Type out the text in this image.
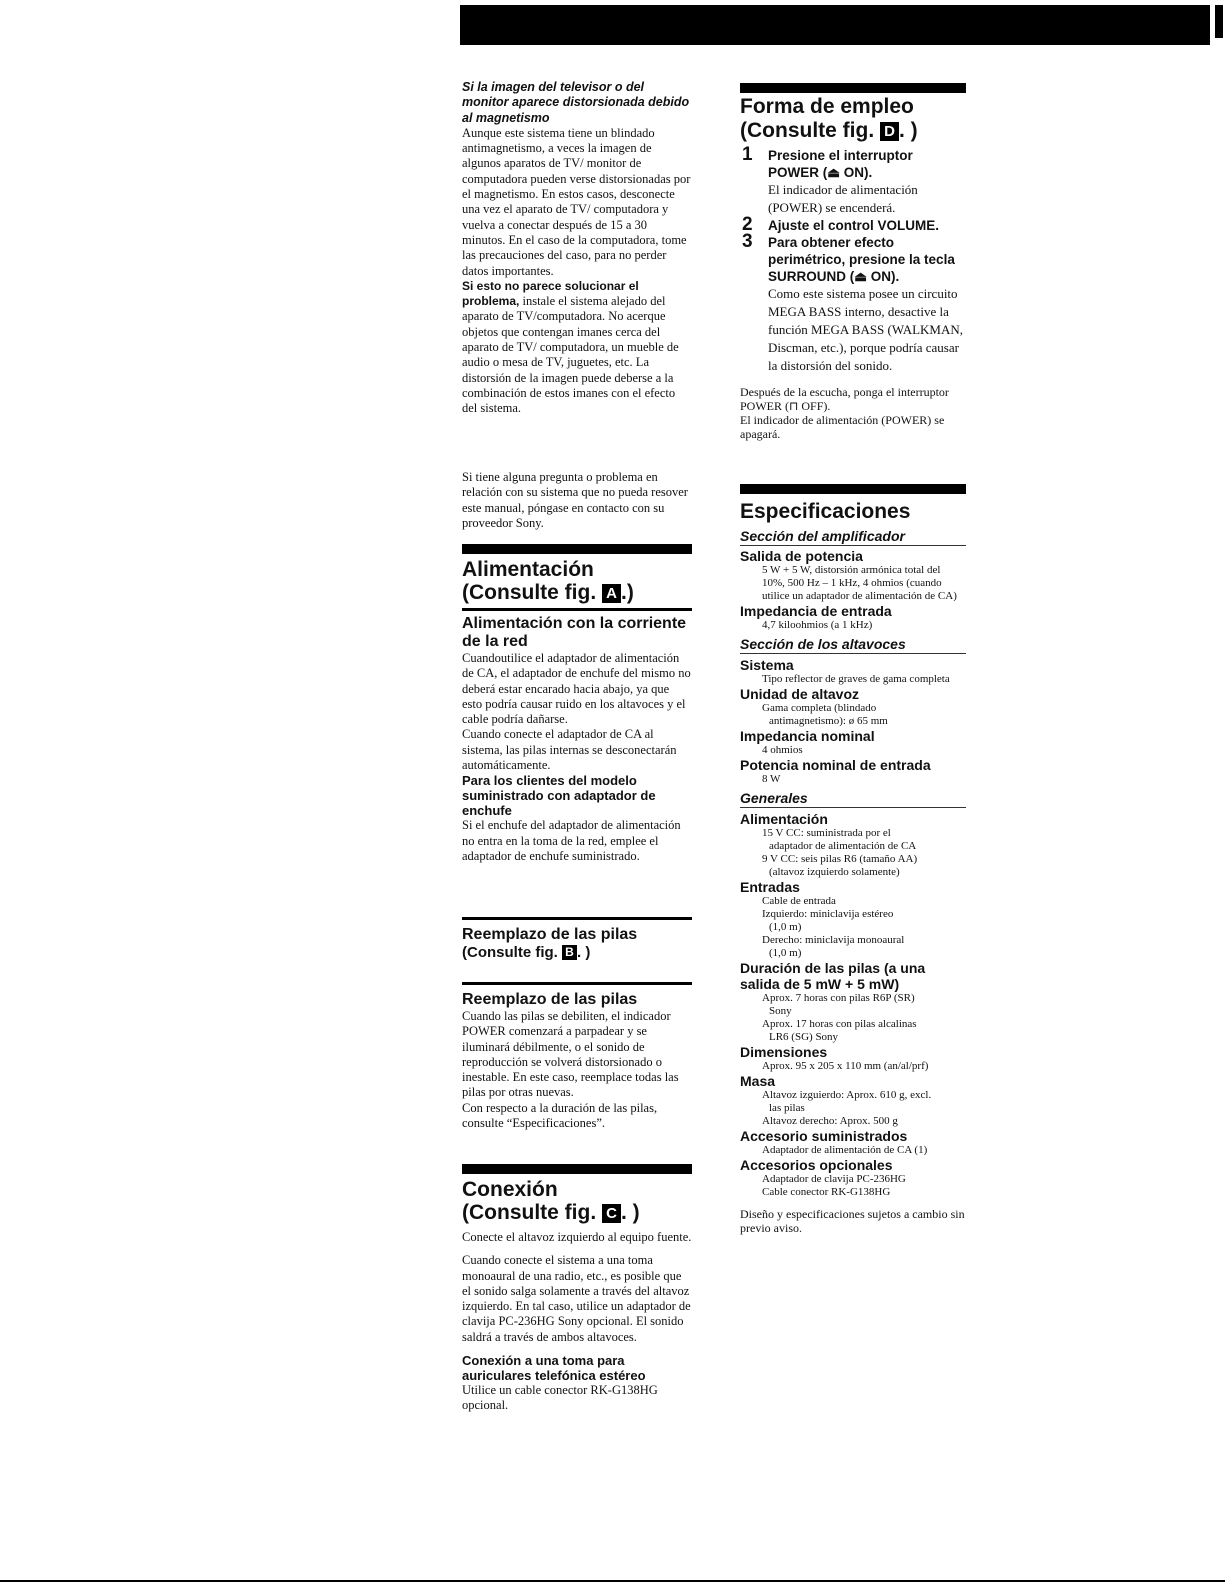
Si la imagen del televisor o del monitor aparece distorsionada debido al magnetismo

Aunque este sistema tiene un blindado antimagnetismo, a veces la imagen de algunos aparatos de TV/ monitor de computadora pueden verse distorsionadas por el magnetismo. En estos casos, desconecte una vez el aparato de TV/ computadora y vuelva a conectar después de 15 a 30 minutos. En el caso de la computadora, tome las precauciones del caso, para no perder datos importantes.

Si esto no parece solucionar el problema, instale el sistema alejado del aparato de TV/computadora. No acerque objetos que contengan imanes cerca del aparato de TV/ computadora, un mueble de audio o mesa de TV, juguetes, etc. La distorsión de la imagen puede deberse a la combinación de estos imanes con el efecto del sistema.

Si tiene alguna pregunta o problema en relación con su sistema que no pueda resover este manual, póngase en contacto con su proveedor Sony.

Alimentación
(Consulte fig. A .)
Alimentación con la corriente de la red

Cuandoutilice el adaptador de alimentación de CA, el adaptador de enchufe del mismo no deberá estar encarado hacia abajo, ya que esto podría causar ruido en los altavoces y el cable podría dañarse.

Cuando conecte el adaptador de CA al sistema, las pilas internas se desconectarán automáticamente.

Para los clientes del modelo suministrado con adaptador de enchufe

Si el enchufe del adaptador de alimentación no entra en la toma de la red, emplee el adaptador de enchufe suministrado.

Reemplazo de las pilas
(Consulte fig. B . )
Reemplazo de las pilas

Cuando las pilas se debiliten, el indicador POWER comenzará a parpadear y se iluminará débilmente, o el sonido de reproducción se volverá distorsionado o inestable. En este caso, reemplace todas las pilas por otras nuevas.

Con respecto a la duración de las pilas, consulte “Especificaciones”.

Conexión
(Consulte fig. C . )

Conecte el altavoz izquierdo al equipo fuente.

Cuando conecte el sistema a una toma monoaural de una radio, etc., es posible que el sonido salga solamente a través del altavoz izquierdo. En tal caso, utilice un adaptador de clavija PC-236HG Sony opcional. El sonido saldrá a través de ambos altavoces.

Conexión a una toma para auriculares telefónica estéreo

Utilice un cable conector RK-G138HG opcional.

Forma de empleo
(Consulte fig. D . )
1 Presione el interruptor POWER (⏏ ON).
El indicador de alimentación (POWER) se encenderá.
2 Ajuste el control VOLUME.
3 Para obtener efecto perimétrico, presione la tecla SURROUND (⏏ ON).
Como este sistema posee un circuito MEGA BASS interno, desactive la función MEGA BASS (WALKMAN, Discman, etc.), porque podría causar la distorsión del sonido.

Después de la escucha, ponga el interruptor POWER (⊓ OFF).

El indicador de alimentación (POWER) se apagará.

Especificaciones
Sección del amplificador
Salida de potencia

5 W + 5 W, distorsión armónica total del 10%, 500 Hz – 1 kHz, 4 ohmios (cuando utilice un adaptador de alimentación de CA)

Impedancia de entrada

4,7 kiloohmios (a 1 kHz)

Sección de los altavoces
Sistema

Tipo reflector de graves de gama completa

Unidad de altavoz

Gama completa (blindado
antimagnetismo): ø 65 mm

Impedancia nominal

4 ohmios

Potencia nominal de entrada

8 W

Generales
Alimentación

15 V CC: suministrada por el
adaptador de alimentación de CA
9 V CC: seis pilas R6 (tamaño AA)
(altavoz izquierdo solamente)

Entradas

Cable de entrada
Izquierdo: miniclavija estéreo
(1,0 m)
Derecho: miniclavija monoaural
(1,0 m)

Duración de las pilas (a una salida de 5 mW + 5 mW)

Aprox. 7 horas con pilas R6P (SR)
Sony
Aprox. 17 horas con pilas alcalinas
LR6 (SG) Sony

Dimensiones

Aprox. 95 x 205 x 110 mm (an/al/prf)

Masa

Altavoz izguierdo: Aprox. 610 g, excl.
las pilas
Altavoz derecho: Aprox. 500 g

Accesorio suministrados

Adaptador de alimentación de CA (1)

Accesorios opcionales

Adaptador de clavija PC-236HG
Cable conector RK-G138HG

Diseño y especificaciones sujetos a cambio sin previo aviso.
